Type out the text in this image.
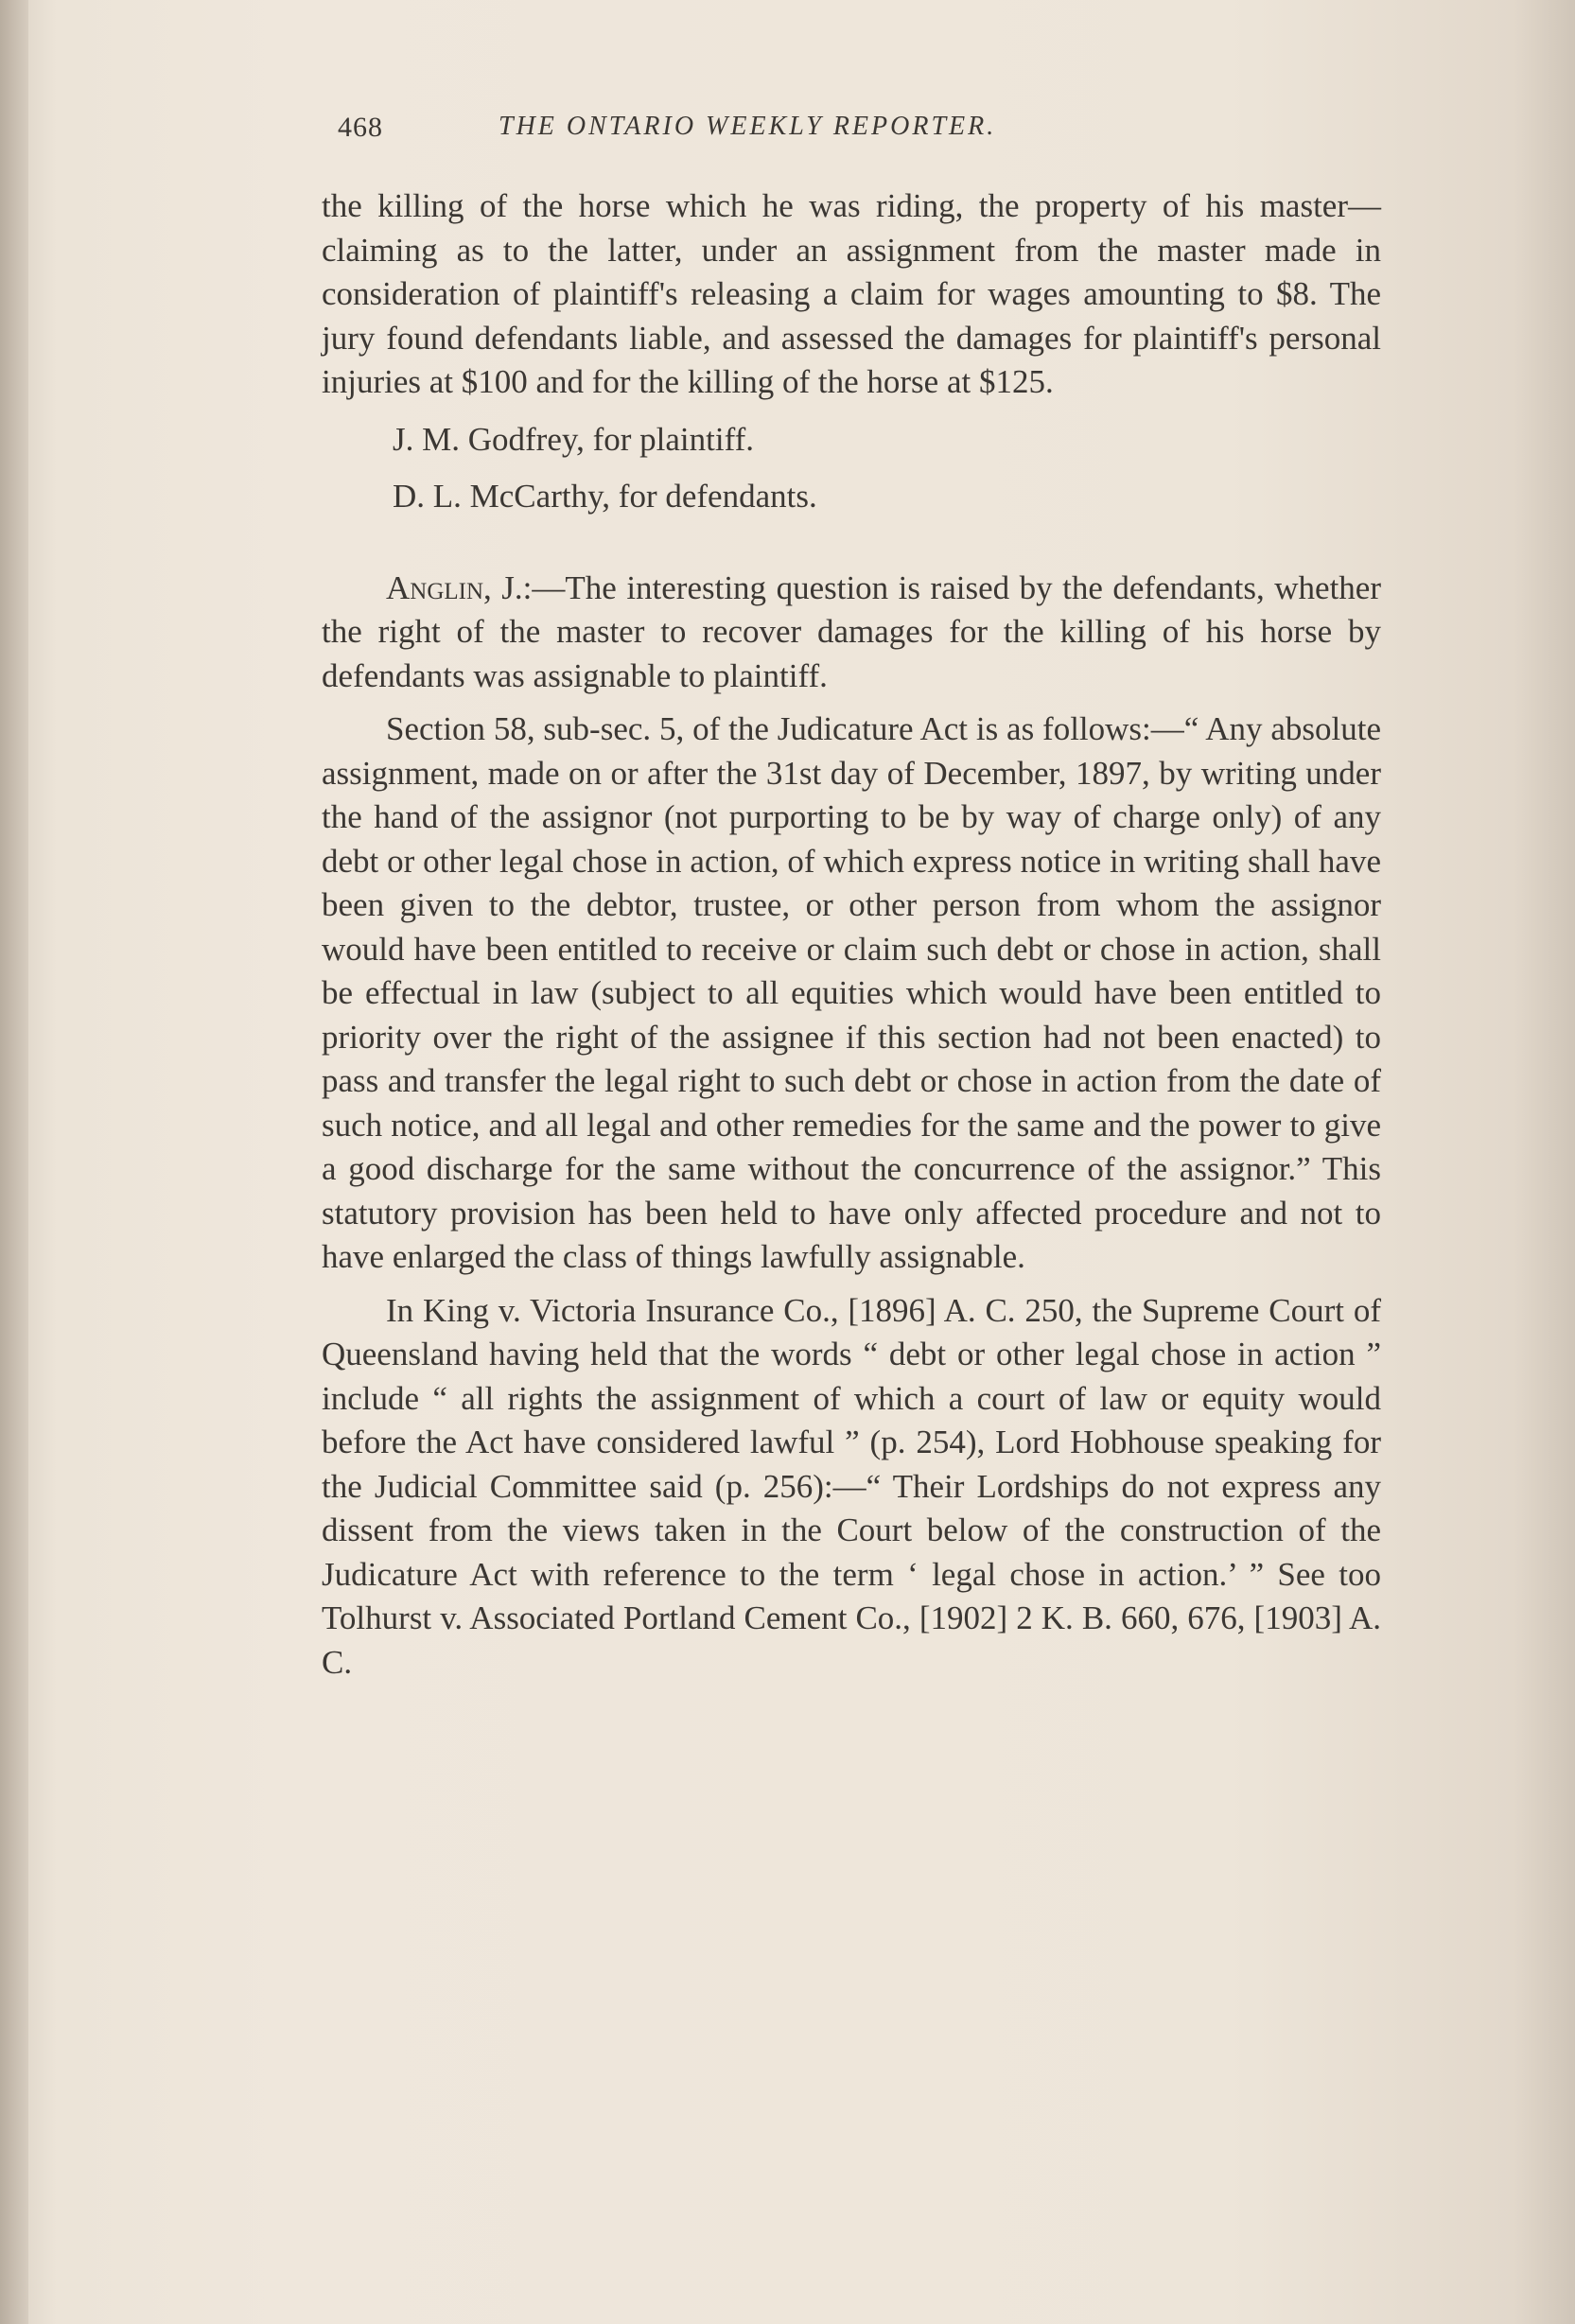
468	THE ONTARIO WEEKLY REPORTER.

the killing of the horse which he was riding, the property of his master—claiming as to the latter, under an assignment from the master made in consideration of plaintiff's releasing a claim for wages amounting to $8. The jury found defendants liable, and assessed the damages for plaintiff's personal injuries at $100 and for the killing of the horse at $125.

J. M. Godfrey, for plaintiff.

D. L. McCarthy, for defendants.

Anglin, J.:—The interesting question is raised by the defendants, whether the right of the master to recover damages for the killing of his horse by defendants was assignable to plaintiff.

Section 58, sub-sec. 5, of the Judicature Act is as follows:—“ Any absolute assignment, made on or after the 31st day of December, 1897, by writing under the hand of the assignor (not purporting to be by way of charge only) of any debt or other legal chose in action, of which express notice in writing shall have been given to the debtor, trustee, or other person from whom the assignor would have been entitled to receive or claim such debt or chose in action, shall be effectual in law (subject to all equities which would have been entitled to priority over the right of the assignee if this section had not been enacted) to pass and transfer the legal right to such debt or chose in action from the date of such notice, and all legal and other remedies for the same and the power to give a good discharge for the same without the concurrence of the assignor.” This statutory provision has been held to have only affected procedure and not to have enlarged the class of things lawfully assignable.

In King v. Victoria Insurance Co., [1896] A. C. 250, the Supreme Court of Queensland having held that the words “ debt or other legal chose in action ” include “ all rights the assignment of which a court of law or equity would before the Act have considered lawful ” (p. 254), Lord Hobhouse speaking for the Judicial Committee said (p. 256):—“ Their Lordships do not express any dissent from the views taken in the Court below of the construction of the Judicature Act with reference to the term ‘ legal chose in action.’ ” See too Tolhurst v. Associated Portland Cement Co., [1902] 2 K. B. 660, 676, [1903] A. C.
